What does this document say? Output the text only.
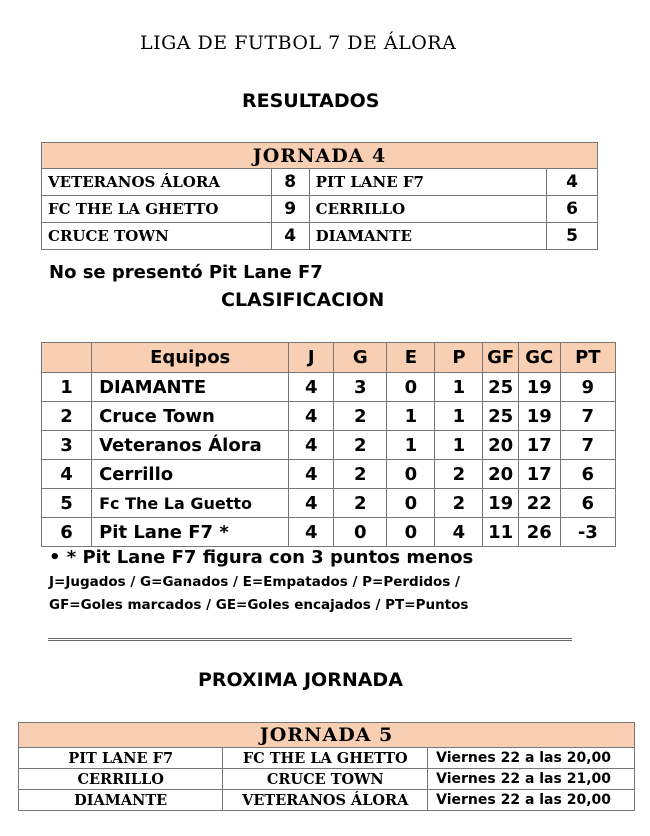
LIGA DE FUTBOL 7 DE ÁLORA
RESULTADOS
JORNADA 4			
VETERANOS ÁLORA	8	PIT LANE F7	4
FC THE LA GHETTO	9	CERRILLO	6
CRUCE TOWN	4	DIAMANTE	5
No se presentó Pit Lane F7
CLASIFICACION
	Equipos	J	G	E	P	GF	GC	PT
1	DIAMANTE	4	3	0	1	25	19	9
2	Cruce Town	4	2	1	1	25	19	7
3	Veteranos Álora	4	2	1	1	20	17	7
4	Cerrillo	4	2	0	2	20	17	6
5	Fc The La Guetto	4	2	0	2	19	22	6
6	Pit Lane F7 *	4	0	0	4	11	26	-3
• * Pit Lane F7 figura con 3 puntos menos
J=Jugados / G=Ganados / E=Empatados / P=Perdidos /
GF=Goles marcados / GE=Goles encajados / PT=Puntos
PROXIMA JORNADA
JORNADA 5		
PIT LANE F7	FC THE LA GHETTO	Viernes 22 a las 20,00
CERRILLO	CRUCE TOWN	Viernes 22 a las 21,00
DIAMANTE	VETERANOS ÁLORA	Viernes 22 a las 20,00
